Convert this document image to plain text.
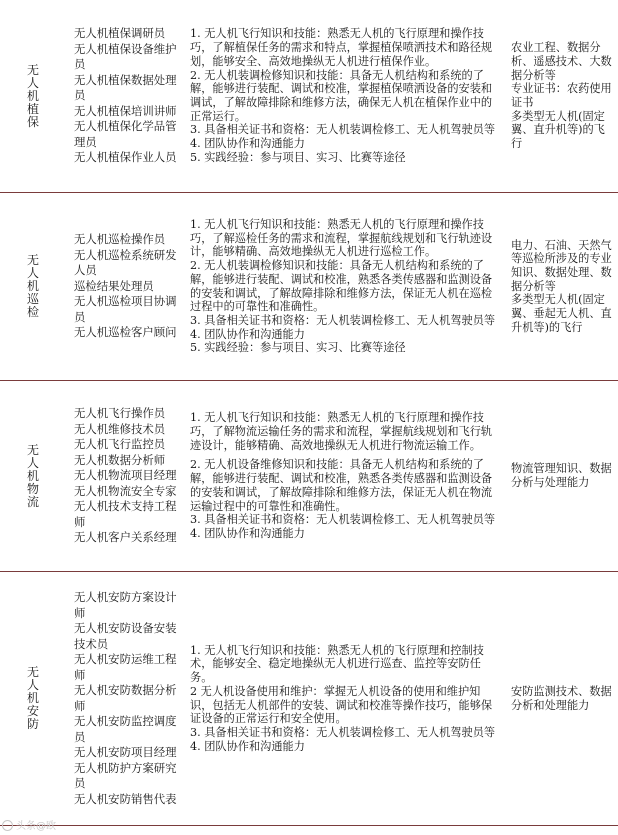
无人机植保
无人机植保调研员
无人机植保设备维护员
无人机植保数据处理员
无人机植保培训讲师
无人机植保化学品管理员
无人机植保作业人员

1. 无人机飞行知识和技能：熟悉无人机的飞行原理和操作技巧，了解植保任务的需求和特点，掌握植保喷洒技术和路径规划，能够安全、高效地操纵无人机进行植保作业。

2. 无人机装调检修知识和技能：具备无人机结构和系统的了解，能够进行装配、调试和校准，掌握植保喷洒设备的安装和调试，了解故障排除和维修方法，确保无人机在植保作业中的正常运行。

3. 具备相关证书和资格：无人机装调检修工、无人机驾驶员等

4. 团队协作和沟通能力

5. 实践经验：参与项目、实习、比赛等途径

农业工程、数据分析、遥感技术、大数据分析等

专业证书：农药使用证书

多类型无人机(固定翼、直升机等)的飞行

无人机巡检
无人机巡检操作员
无人机巡检系统研发人员
巡检结果处理员
无人机巡检项目协调员
无人机巡检客户顾问

1. 无人机飞行知识和技能：熟悉无人机的飞行原理和操作技巧，了解巡检任务的需求和流程，掌握航线规划和飞行轨迹设计，能够精确、高效地操纵无人机进行巡检工作。

2. 无人机装调检修知识和技能：具备无人机结构和系统的了解，能够进行装配、调试和校准，熟悉各类传感器和监测设备的安装和调试，了解故障排除和维修方法，保证无人机在巡检过程中的可靠性和准确性。

3. 具备相关证书和资格：无人机装调检修工、无人机驾驶员等

4. 团队协作和沟通能力

5. 实践经验：参与项目、实习、比赛等途径

电力、石油、天然气等巡检所涉及的专业知识、数据处理、数据分析等

多类型无人机(固定翼、垂起无人机、直升机等)的飞行

无人机物流
无人机飞行操作员
无人机维修技术员
无人机飞行监控员
无人机数据分析师
无人机物流项目经理
无人机物流安全专家
无人机技术支持工程师
无人机客户关系经理

1. 无人机飞行知识和技能：熟悉无人机的飞行原理和操作技巧，了解物流运输任务的需求和流程，掌握航线规划和飞行轨迹设计，能够精确、高效地操纵无人机进行物流运输工作。

2. 无人机设备维修知识和技能：具备无人机结构和系统的了解，能够进行装配、调试和校准，熟悉各类传感器和监测设备的安装和调试，了解故障排除和维修方法，保证无人机在物流运输过程中的可靠性和准确性。

3. 具备相关证书和资格：无人机装调检修工、无人机驾驶员等

4. 团队协作和沟通能力

物流管理知识、数据分析与处理能力

无人机安防
无人机安防方案设计师
无人机安防设备安装技术员
无人机安防运维工程师
无人机安防数据分析师
无人机安防监控调度员
无人机安防项目经理
无人机防护方案研究员
无人机安防销售代表

1. 无人机飞行知识和技能：熟悉无人机的飞行原理和控制技术，能够安全、稳定地操纵无人机进行巡查、监控等安防任务。

2 无人机设备使用和维护：掌握无人机设备的使用和维护知识，包括无人机部件的安装、调试和校准等操作技巧，能够保证设备的正常运行和安全使用。

3. 具备相关证书和资格：无人机装调检修工、无人机驾驶员等

4. 团队协作和沟通能力

安防监测技术、数据分析和处理能力

头条@欧
